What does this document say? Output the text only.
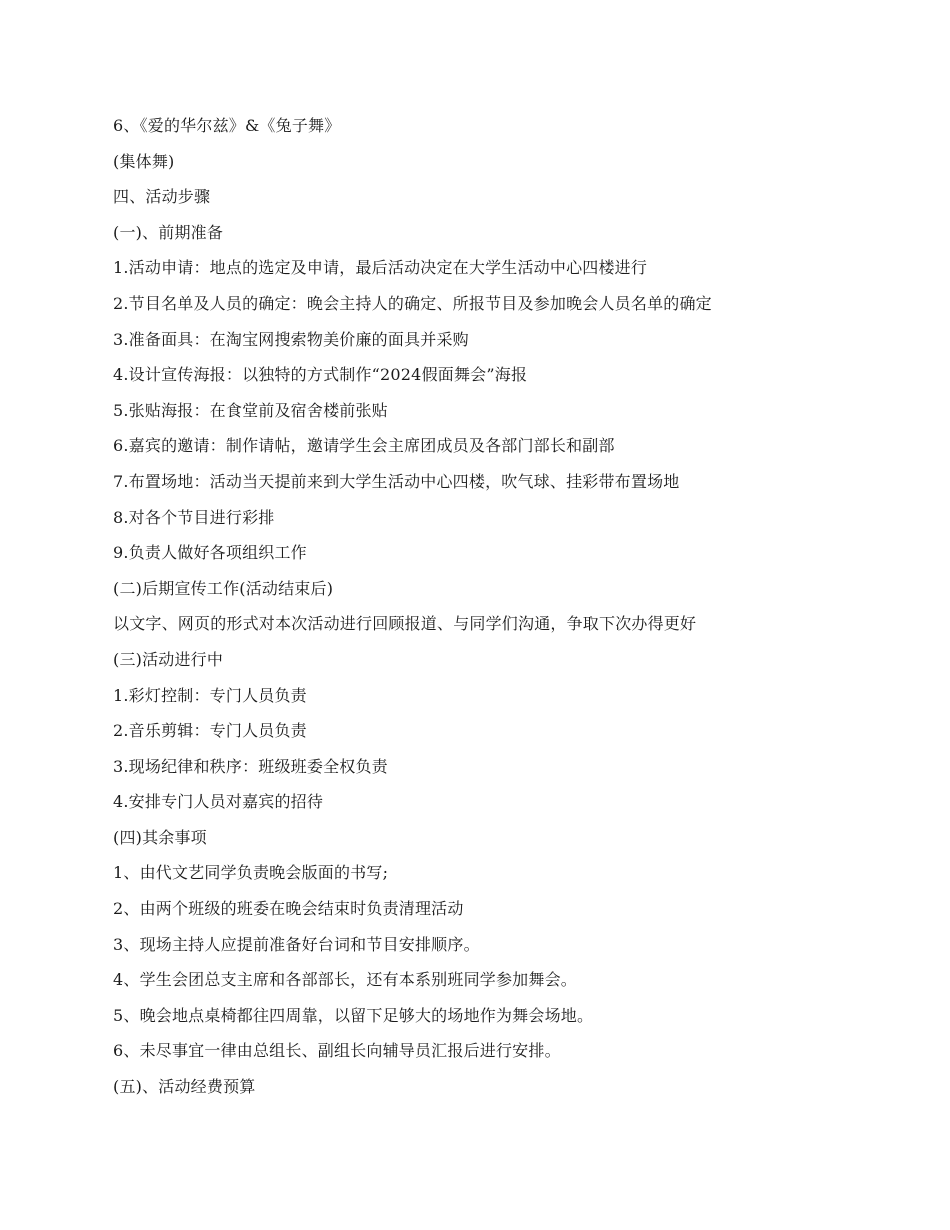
6、《爱的华尔兹》&《兔子舞》
(集体舞)
四、活动步骤
(一)、前期准备
1.活动申请：地点的选定及申请，最后活动决定在大学生活动中心四楼进行
2.节目名单及人员的确定：晚会主持人的确定、所报节目及参加晚会人员名单的确定
3.准备面具：在淘宝网搜索物美价廉的面具并采购
4.设计宣传海报：以独特的方式制作“2024假面舞会”海报
5.张贴海报：在食堂前及宿舍楼前张贴
6.嘉宾的邀请：制作请帖，邀请学生会主席团成员及各部门部长和副部
7.布置场地：活动当天提前来到大学生活动中心四楼，吹气球、挂彩带布置场地
8.对各个节目进行彩排
9.负责人做好各项组织工作
(二)后期宣传工作(活动结束后)
以文字、网页的形式对本次活动进行回顾报道、与同学们沟通，争取下次办得更好
(三)活动进行中
1.彩灯控制：专门人员负责
2.音乐剪辑：专门人员负责
3.现场纪律和秩序：班级班委全权负责
4.安排专门人员对嘉宾的招待
(四)其余事项
1、由代文艺同学负责晚会版面的书写;
2、由两个班级的班委在晚会结束时负责清理活动
3、现场主持人应提前准备好台词和节目安排顺序。
4、学生会团总支主席和各部部长，还有本系别班同学参加舞会。
5、晚会地点桌椅都往四周靠，以留下足够大的场地作为舞会场地。
6、未尽事宜一律由总组长、副组长向辅导员汇报后进行安排。
(五)、活动经费预算
